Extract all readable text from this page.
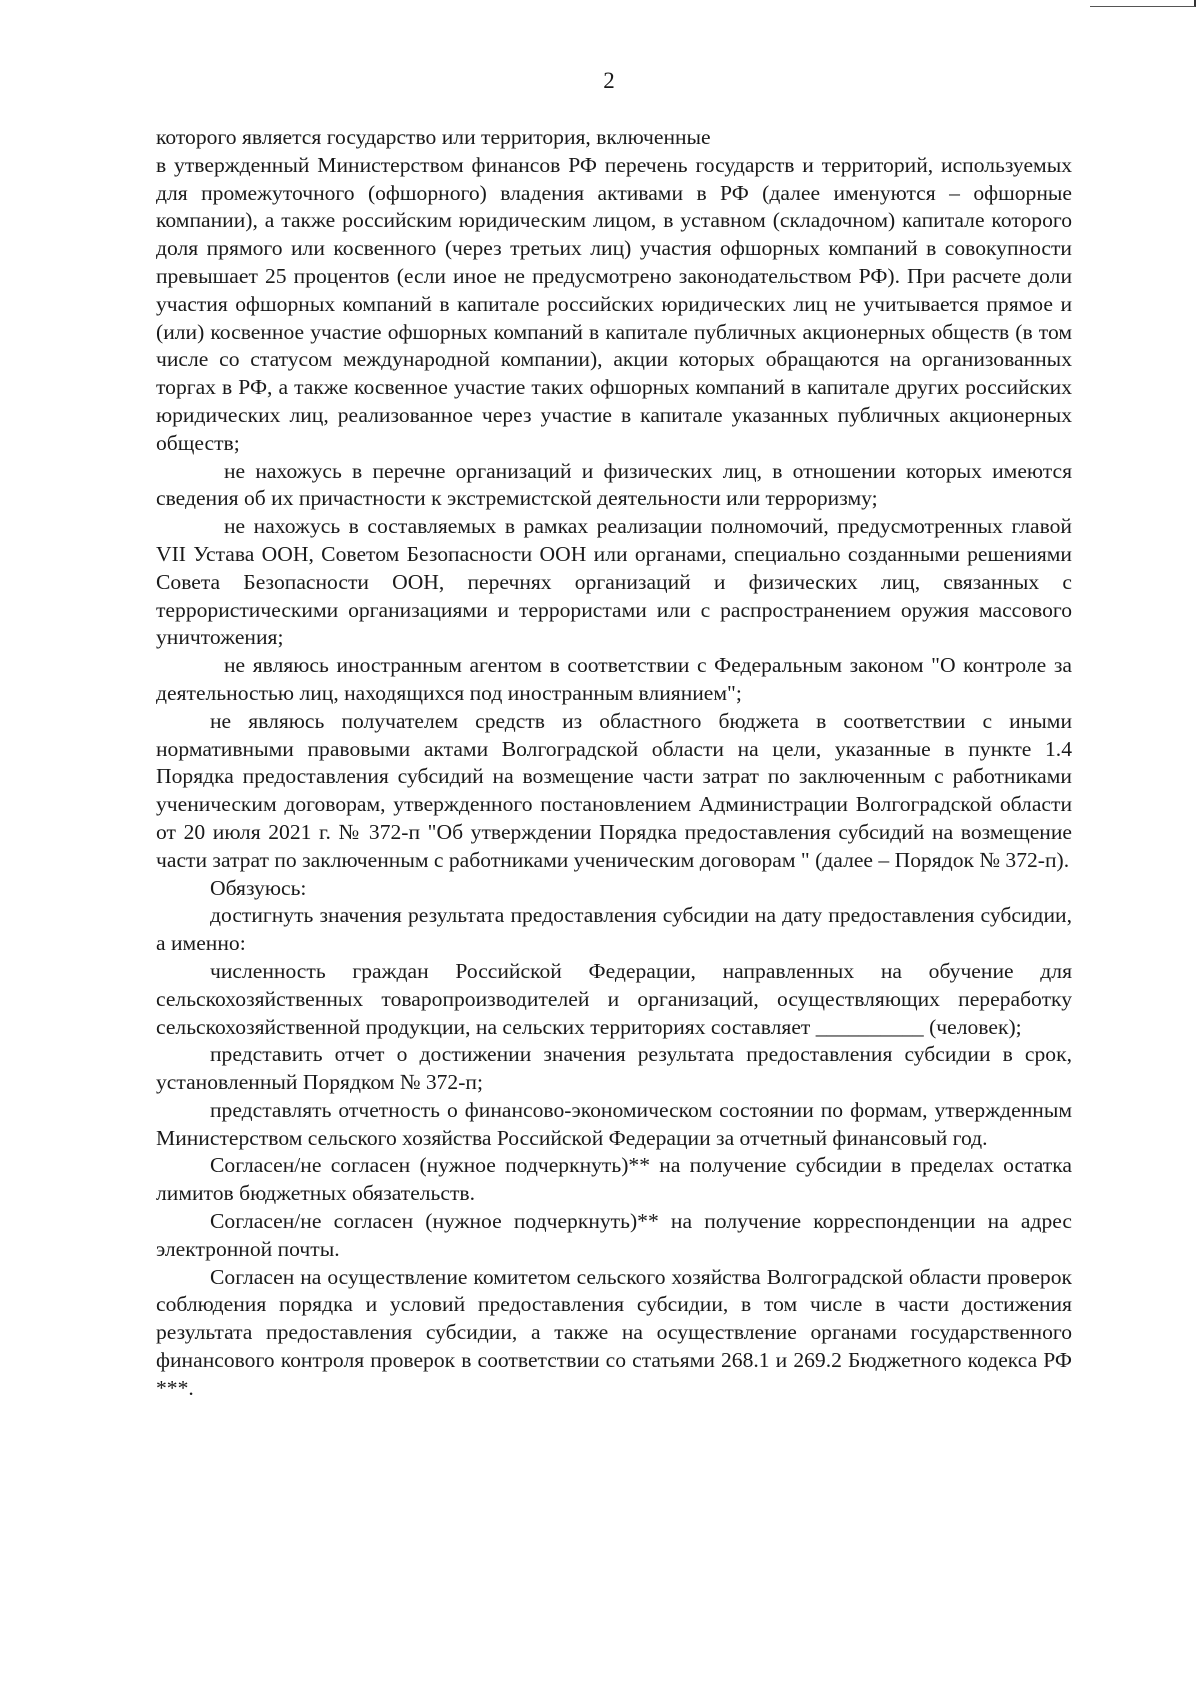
2

которого является государство или территория, включенные

в утвержденный Министерством финансов РФ перечень государств и территорий, используемых для промежуточного (офшорного) владения активами в РФ (далее именуются – офшорные компании), а также российским юридическим лицом, в уставном (складочном) капитале которого доля прямого или косвенного (через третьих лиц) участия офшорных компаний в совокупности превышает 25 процентов (если иное не предусмотрено законодательством РФ). При расчете доли участия офшорных компаний в капитале российских юридических лиц не учитывается прямое и (или) косвенное участие офшорных компаний в капитале публичных акционерных обществ (в том числе со статусом международной компании), акции которых обращаются на организованных торгах в РФ, а также косвенное участие таких офшорных компаний в капитале других российских юридических лиц, реализованное через участие в капитале указанных публичных акционерных обществ;

не нахожусь в перечне организаций и физических лиц, в отношении которых имеются сведения об их причастности к экстремистской деятельности или терроризму;

не нахожусь в составляемых в рамках реализации полномочий, предусмотренных главой VII Устава ООН, Советом Безопасности ООН или органами, специально созданными решениями Совета Безопасности ООН, перечнях организаций и физических лиц, связанных с террористическими организациями и террористами или с распространением оружия массового уничтожения;

не являюсь иностранным агентом в соответствии с Федеральным законом "О контроле за деятельностью лиц, находящихся под иностранным влиянием";

не являюсь получателем средств из областного бюджета в соответствии с иными нормативными правовыми актами Волгоградской области на цели, указанные в пункте 1.4 Порядка предоставления субсидий на возмещение части затрат по заключенным с работниками ученическим договорам, утвержденного постановлением Администрации Волгоградской области от 20 июля 2021 г. № 372-п "Об утверждении Порядка предоставления субсидий на возмещение части затрат по заключенным с работниками ученическим договорам " (далее – Порядок № 372-п).

Обязуюсь:

достигнуть значения результата предоставления субсидии на дату предоставления субсидии, а именно:

численность граждан Российской Федерации, направленных на обучение для сельскохозяйственных товаропроизводителей и организаций, осуществляющих переработку сельскохозяйственной продукции, на сельских территориях составляет __________ (человек);

представить отчет о достижении значения результата предоставления субсидии в срок, установленный Порядком № 372-п;

представлять отчетность о финансово-экономическом состоянии по формам, утвержденным Министерством сельского хозяйства Российской Федерации за отчетный финансовый год.

Согласен/не согласен (нужное подчеркнуть)** на получение субсидии в пределах остатка лимитов бюджетных обязательств.

Согласен/не согласен (нужное подчеркнуть)** на получение корреспонденции на адрес электронной почты.

Согласен на осуществление комитетом сельского хозяйства Волгоградской области проверок соблюдения порядка и условий предоставления субсидии, в том числе в части достижения результата предоставления субсидии, а также на осуществление органами государственного финансового контроля проверок в соответствии со статьями 268.1 и 269.2 Бюджетного кодекса РФ ***.
